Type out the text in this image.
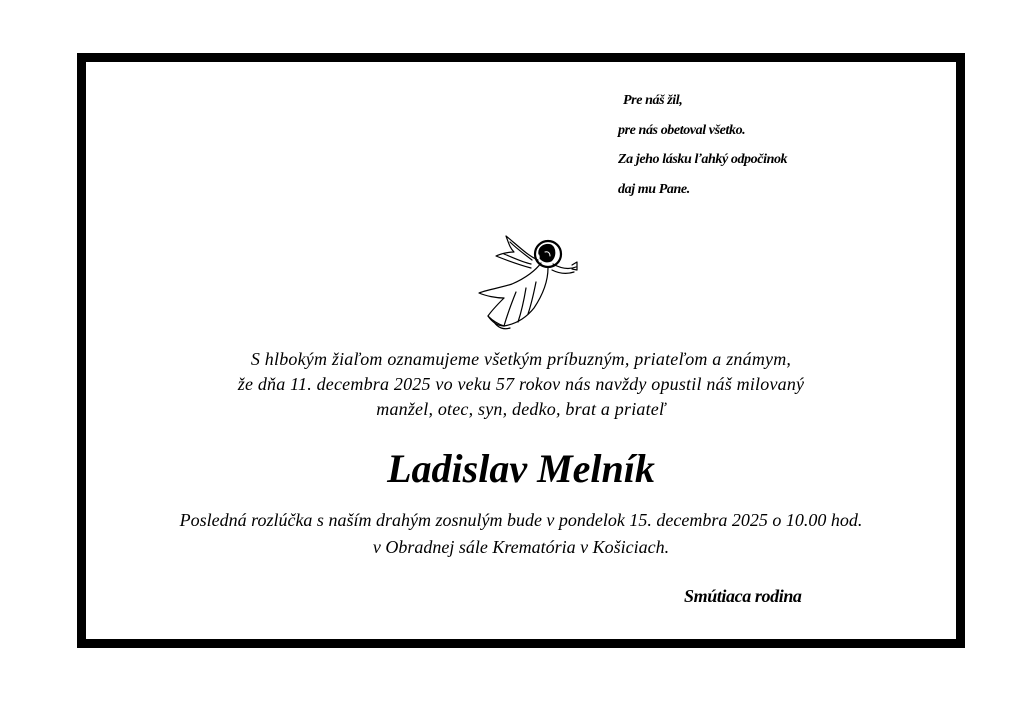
Pre náš žil,
pre nás obetoval všetko.
Za jeho lásku ľahký odpočinok
daj mu Pane.
S hlbokým žiaľom oznamujeme všetkým príbuzným, priateľom a známym,
že dňa 11. decembra 2025 vo veku 57 rokov nás navždy opustil náš milovaný
manžel, otec, syn, dedko, brat a priateľ
Ladislav Melník
Posledná rozlúčka s naším drahým zosnulým bude v pondelok 15. decembra 2025 o 10.00 hod.
v Obradnej sále Krematória v Košiciach.
Smútiaca rodina
